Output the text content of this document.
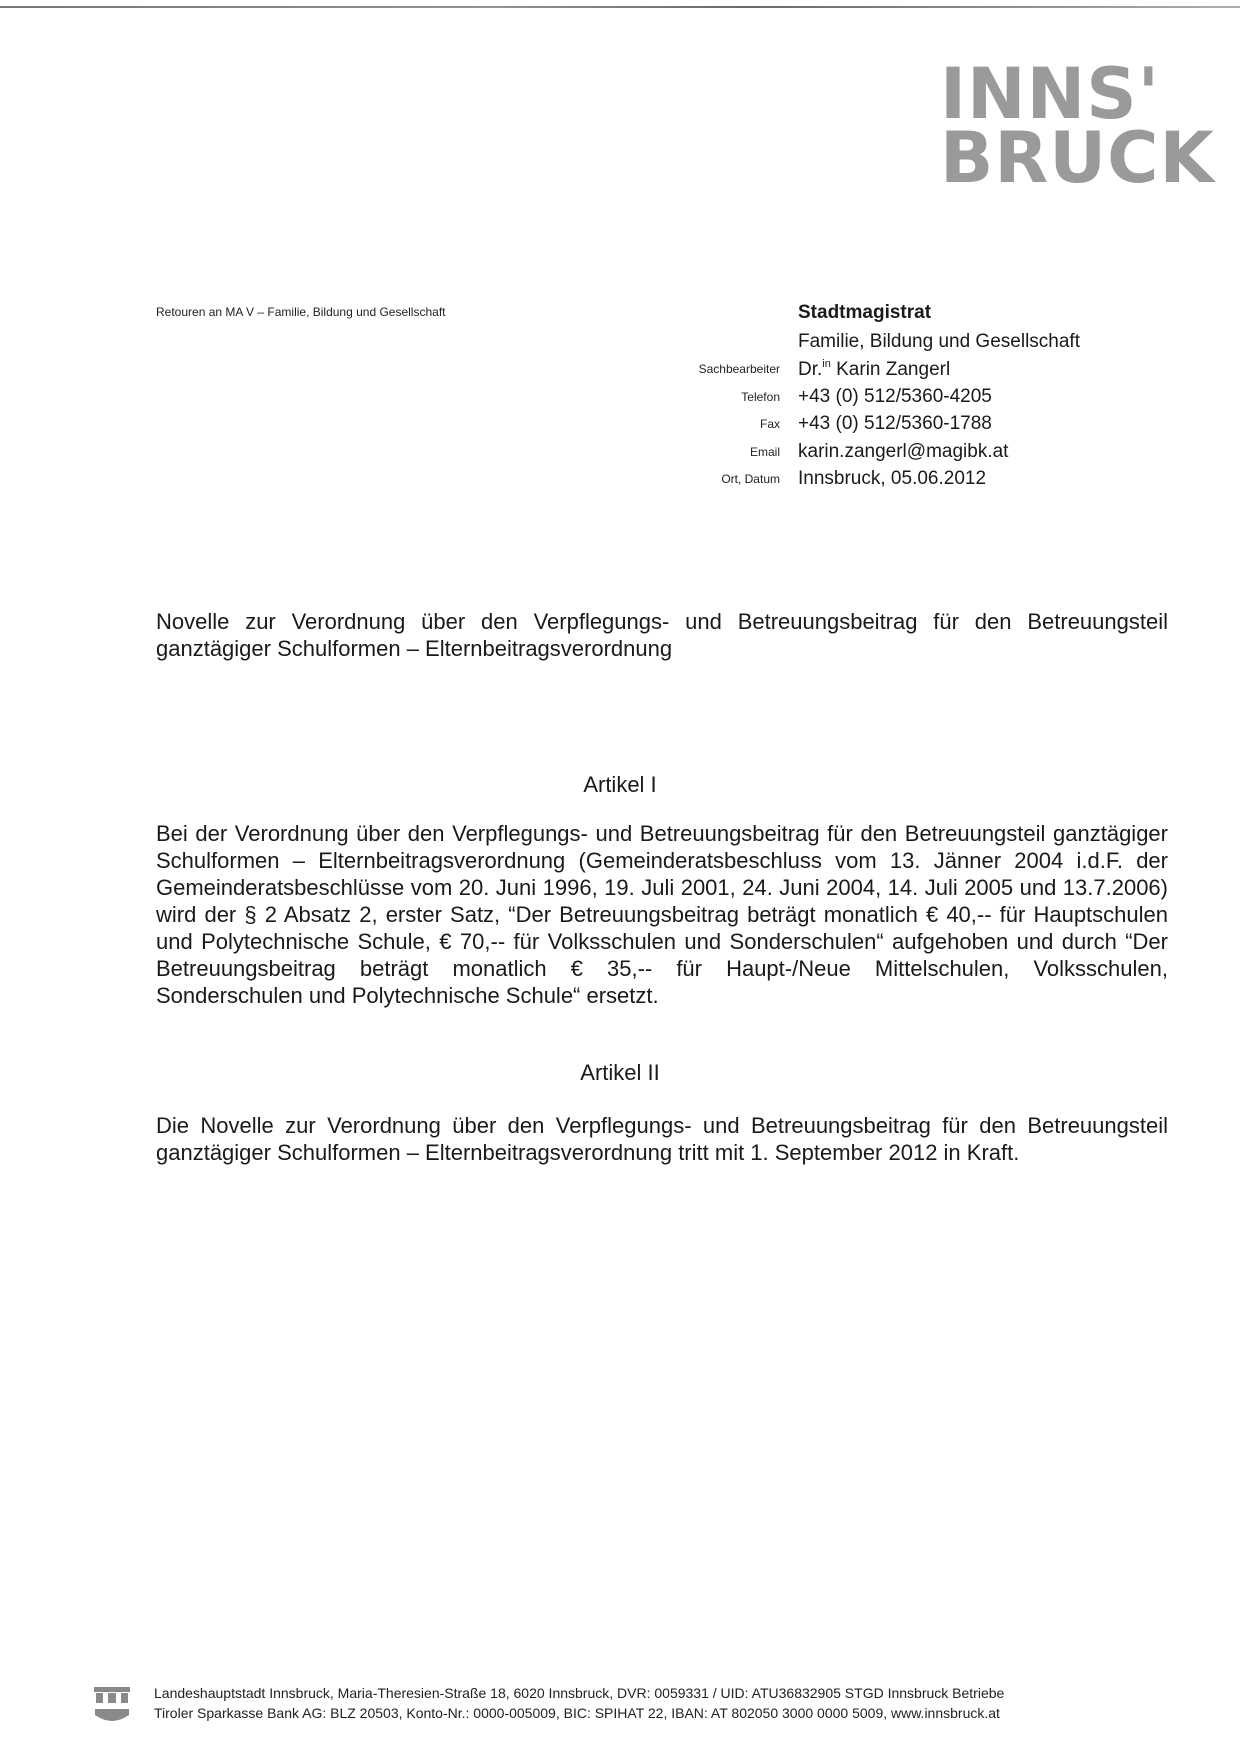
INNS'
BRUCK
Retouren an MA V – Familie, Bildung und Gesellschaft	Stadtmagistrat
Familie, Bildung und Gesellschaft
Sachbearbeiter Dr.$^{in}$ Karin Zangerl
Telefon +43 (0) 512/5360-4205
Fax +43 (0) 512/5360-1788
Email karin.zangerl@magibk.at
Ort, Datum Innsbruck, 05.06.2012
Novelle zur Verordnung über den Verpflegungs- und Betreuungsbeitrag für den Betreuungsteil ganztägiger Schulformen – Elternbeitragsverordnung
Artikel I
Bei der Verordnung über den Verpflegungs- und Betreuungsbeitrag für den Betreuungsteil ganztägiger Schulformen – Elternbeitragsverordnung (Gemeinderatsbeschluss vom 13. Jänner 2004 i.d.F. der Gemeinderatsbeschlüsse vom 20. Juni 1996, 19. Juli 2001, 24. Juni 2004, 14. Juli 2005 und 13.7.2006) wird der § 2 Absatz 2, erster Satz, “Der Betreuungsbeitrag beträgt monatlich € 40,-- für Hauptschulen und Polytechnische Schule, € 70,-- für Volksschulen und Sonderschulen“ aufgehoben und durch “Der Betreuungsbeitrag beträgt monatlich € 35,-- für Haupt-/Neue Mittelschulen, Volksschulen, Sonderschulen und Polytechnische Schule“ ersetzt.
Artikel II
Die Novelle zur Verordnung über den Verpflegungs- und Betreuungsbeitrag für den Betreuungsteil ganztägiger Schulformen – Elternbeitragsverordnung tritt mit 1. September 2012 in Kraft.
Landeshauptstadt Innsbruck, Maria-Theresien-Straße 18, 6020 Innsbruck, DVR: 0059331 / UID: ATU36832905 STGD Innsbruck Betriebe
Tiroler Sparkasse Bank AG: BLZ 20503, Konto-Nr.: 0000-005009, BIC: SPIHAT 22, IBAN: AT 802050 3000 0000 5009, www.innsbruck.at
